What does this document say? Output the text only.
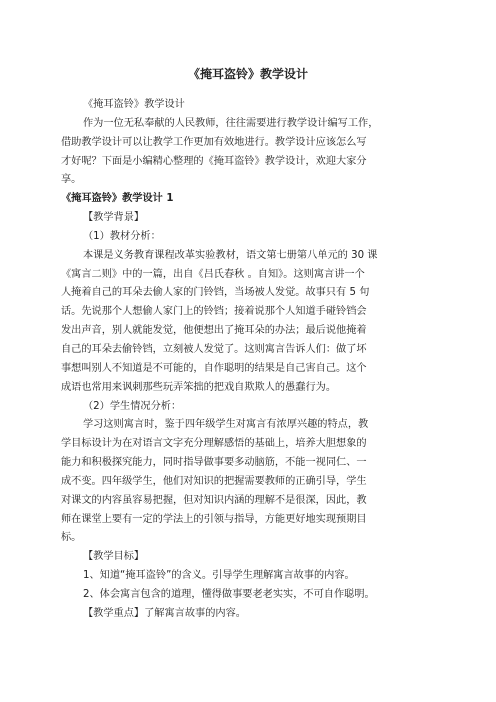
《掩耳盗铃》教学设计
《掩耳盗铃》教学设计
作为一位无私奉献的人民教师，往往需要进行教学设计编写工作，
借助教学设计可以让教学工作更加有效地进行。教学设计应该怎么写
才好呢？下面是小编精心整理的《掩耳盗铃》教学设计，欢迎大家分
享。
《掩耳盗铃》教学设计 1
【教学背景】
（1）教材分析：
本课是义务教育课程改革实验教材，语文第七册第八单元的 30 课
《寓言二则》中的一篇，出自《吕氏春秋 。自知》。这则寓言讲一个
人掩着自己的耳朵去偷人家的门铃铛，当场被人发觉。故事只有 5 句
话。先说那个人想偷人家门上的铃铛；接着说那个人知道手碰铃铛会
发出声音，别人就能发觉，他便想出了掩耳朵的办法；最后说他掩着
自己的耳朵去偷铃铛，立刻被人发觉了。这则寓言告诉人们：做了坏
事想叫别人不知道是不可能的，自作聪明的结果是自己害自己。这个
成语也常用来讽刺那些玩弄笨拙的把戏自欺欺人的愚蠢行为。
（2）学生情况分析：
学习这则寓言时，鉴于四年级学生对寓言有浓厚兴趣的特点，教
学目标设计为在对语言文字充分理解感悟的基础上，培养大胆想象的
能力和积极探究能力，同时指导做事要多动脑筋，不能一视同仁、一
成不变。四年级学生，他们对知识的把握需要教师的正确引导，学生
对课文的内容虽容易把握，但对知识内涵的理解不是很深，因此，教
师在课堂上要有一定的学法上的引领与指导，方能更好地实现预期目
标。
【教学目标】
1、知道“掩耳盗铃”的含义。引导学生理解寓言故事的内容。
2、体会寓言包含的道理，懂得做事要老老实实，不可自作聪明。
【教学重点】了解寓言故事的内容。
